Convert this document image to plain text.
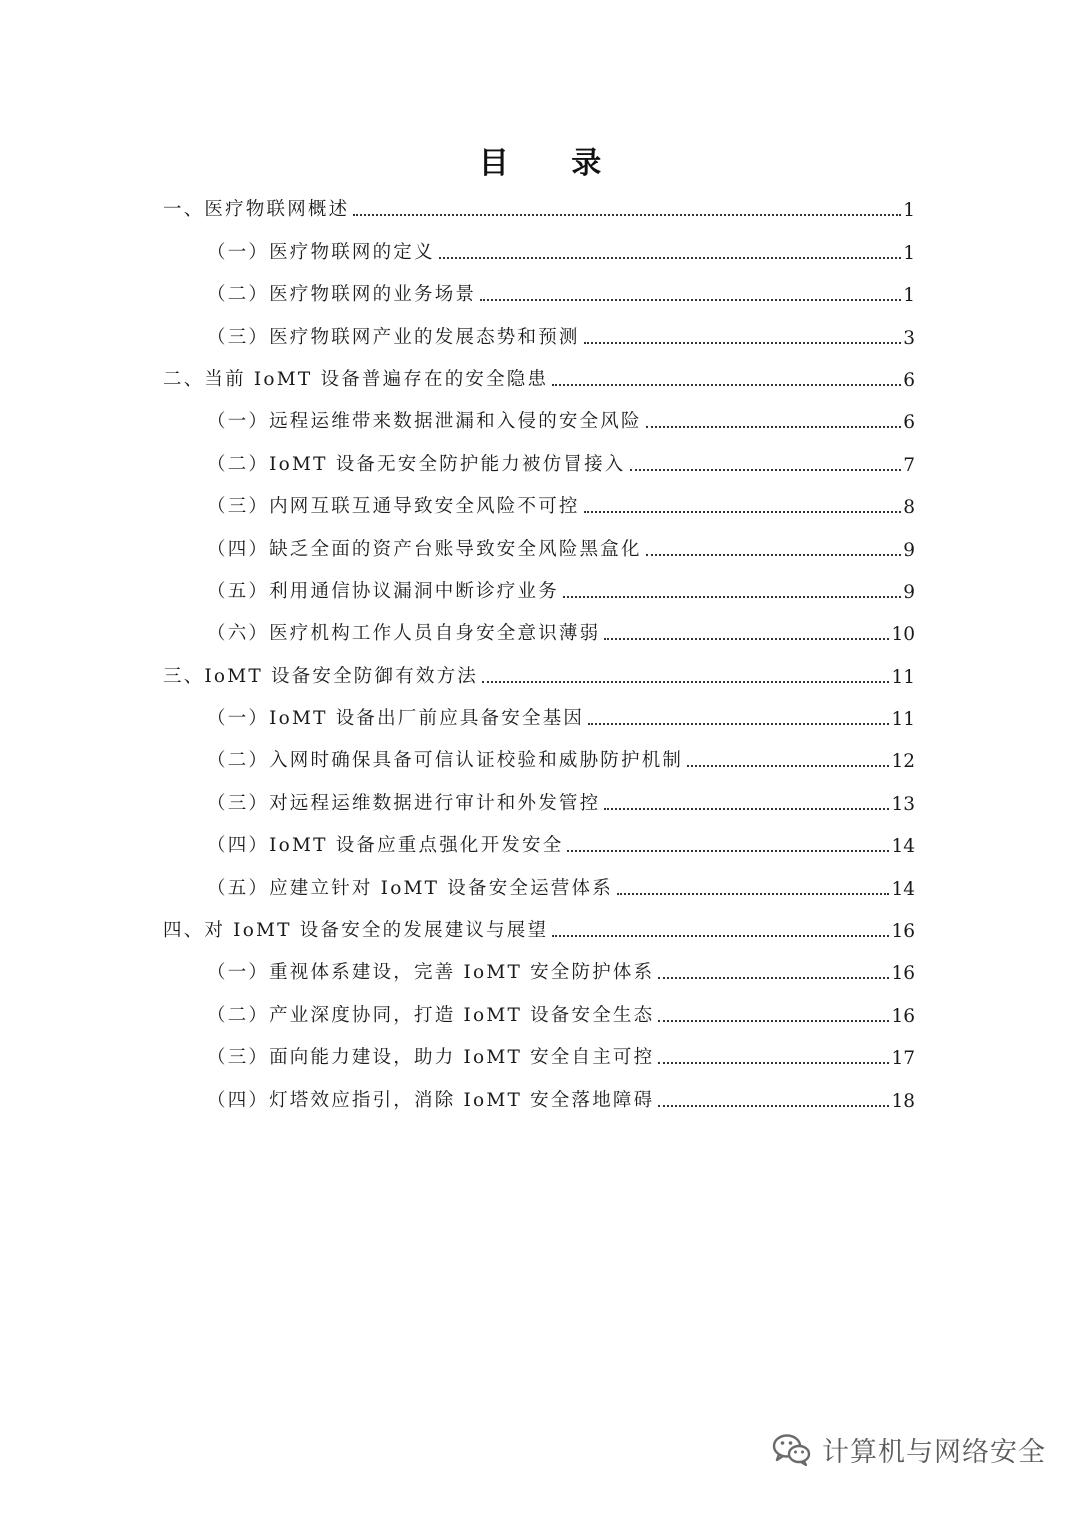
目 录
一、医疗物联网概述	1
（一）医疗物联网的定义	1
（二）医疗物联网的业务场景	1
（三）医疗物联网产业的发展态势和预测	3
二、当前 IoMT 设备普遍存在的安全隐患	6
（一）远程运维带来数据泄漏和入侵的安全风险	6
（二）IoMT 设备无安全防护能力被仿冒接入	7
（三）内网互联互通导致安全风险不可控	8
（四）缺乏全面的资产台账导致安全风险黑盒化	9
（五）利用通信协议漏洞中断诊疗业务	9
（六）医疗机构工作人员自身安全意识薄弱	10
三、IoMT 设备安全防御有效方法	11
（一）IoMT 设备出厂前应具备安全基因	11
（二）入网时确保具备可信认证校验和威胁防护机制	12
（三）对远程运维数据进行审计和外发管控	13
（四）IoMT 设备应重点强化开发安全	14
（五）应建立针对 IoMT 设备安全运营体系	14
四、对 IoMT 设备安全的发展建议与展望	16
（一）重视体系建设，完善 IoMT 安全防护体系	16
（二）产业深度协同，打造 IoMT 设备安全生态	16
（三）面向能力建设，助力 IoMT 安全自主可控	17
（四）灯塔效应指引，消除 IoMT 安全落地障碍	18
计算机与网络安全
